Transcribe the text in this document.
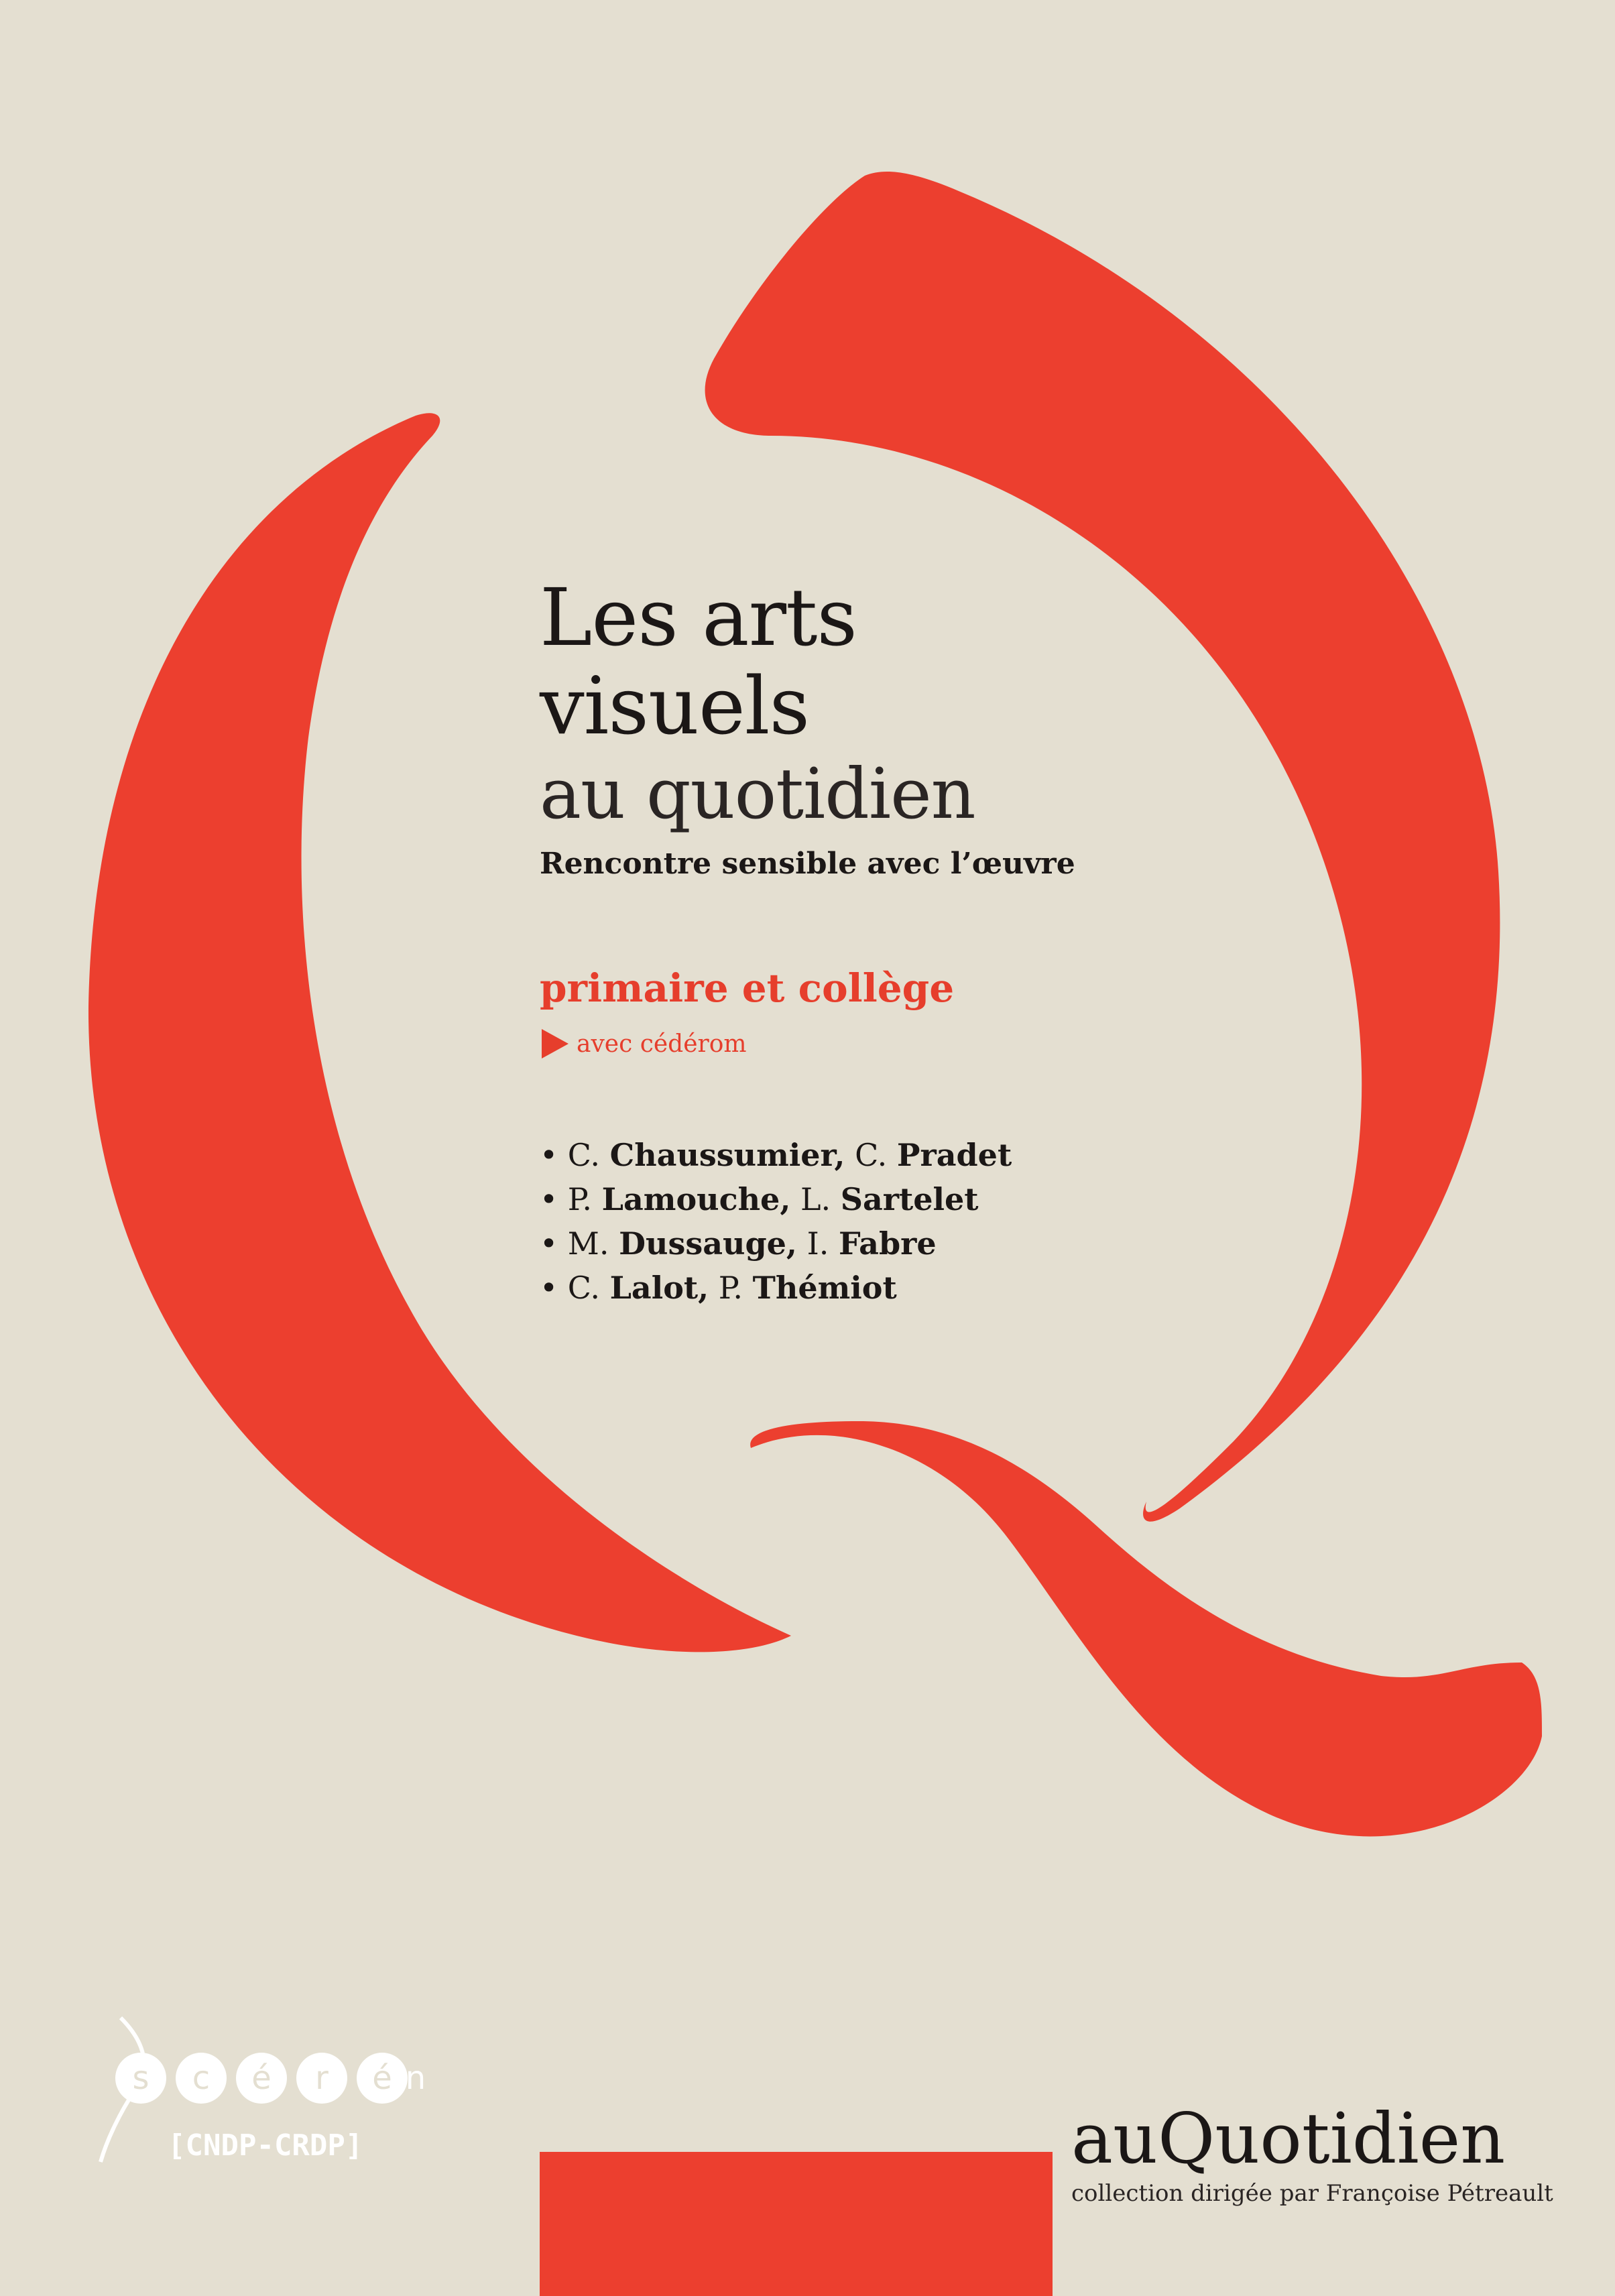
Les arts
visuels
au quotidien
Rencontre sensible avec l’œuvre
primaire et collège
avec cédérom
• C. Chaussumier, C. Pradet
• P. Lamouche, L. Sartelet
• M. Dussauge, I. Fabre
• C. Lalot, P. Thémiot
s c é r é n
[CNDP-CRDP]	auQuotidien
collection dirigée par Françoise Pétreault
